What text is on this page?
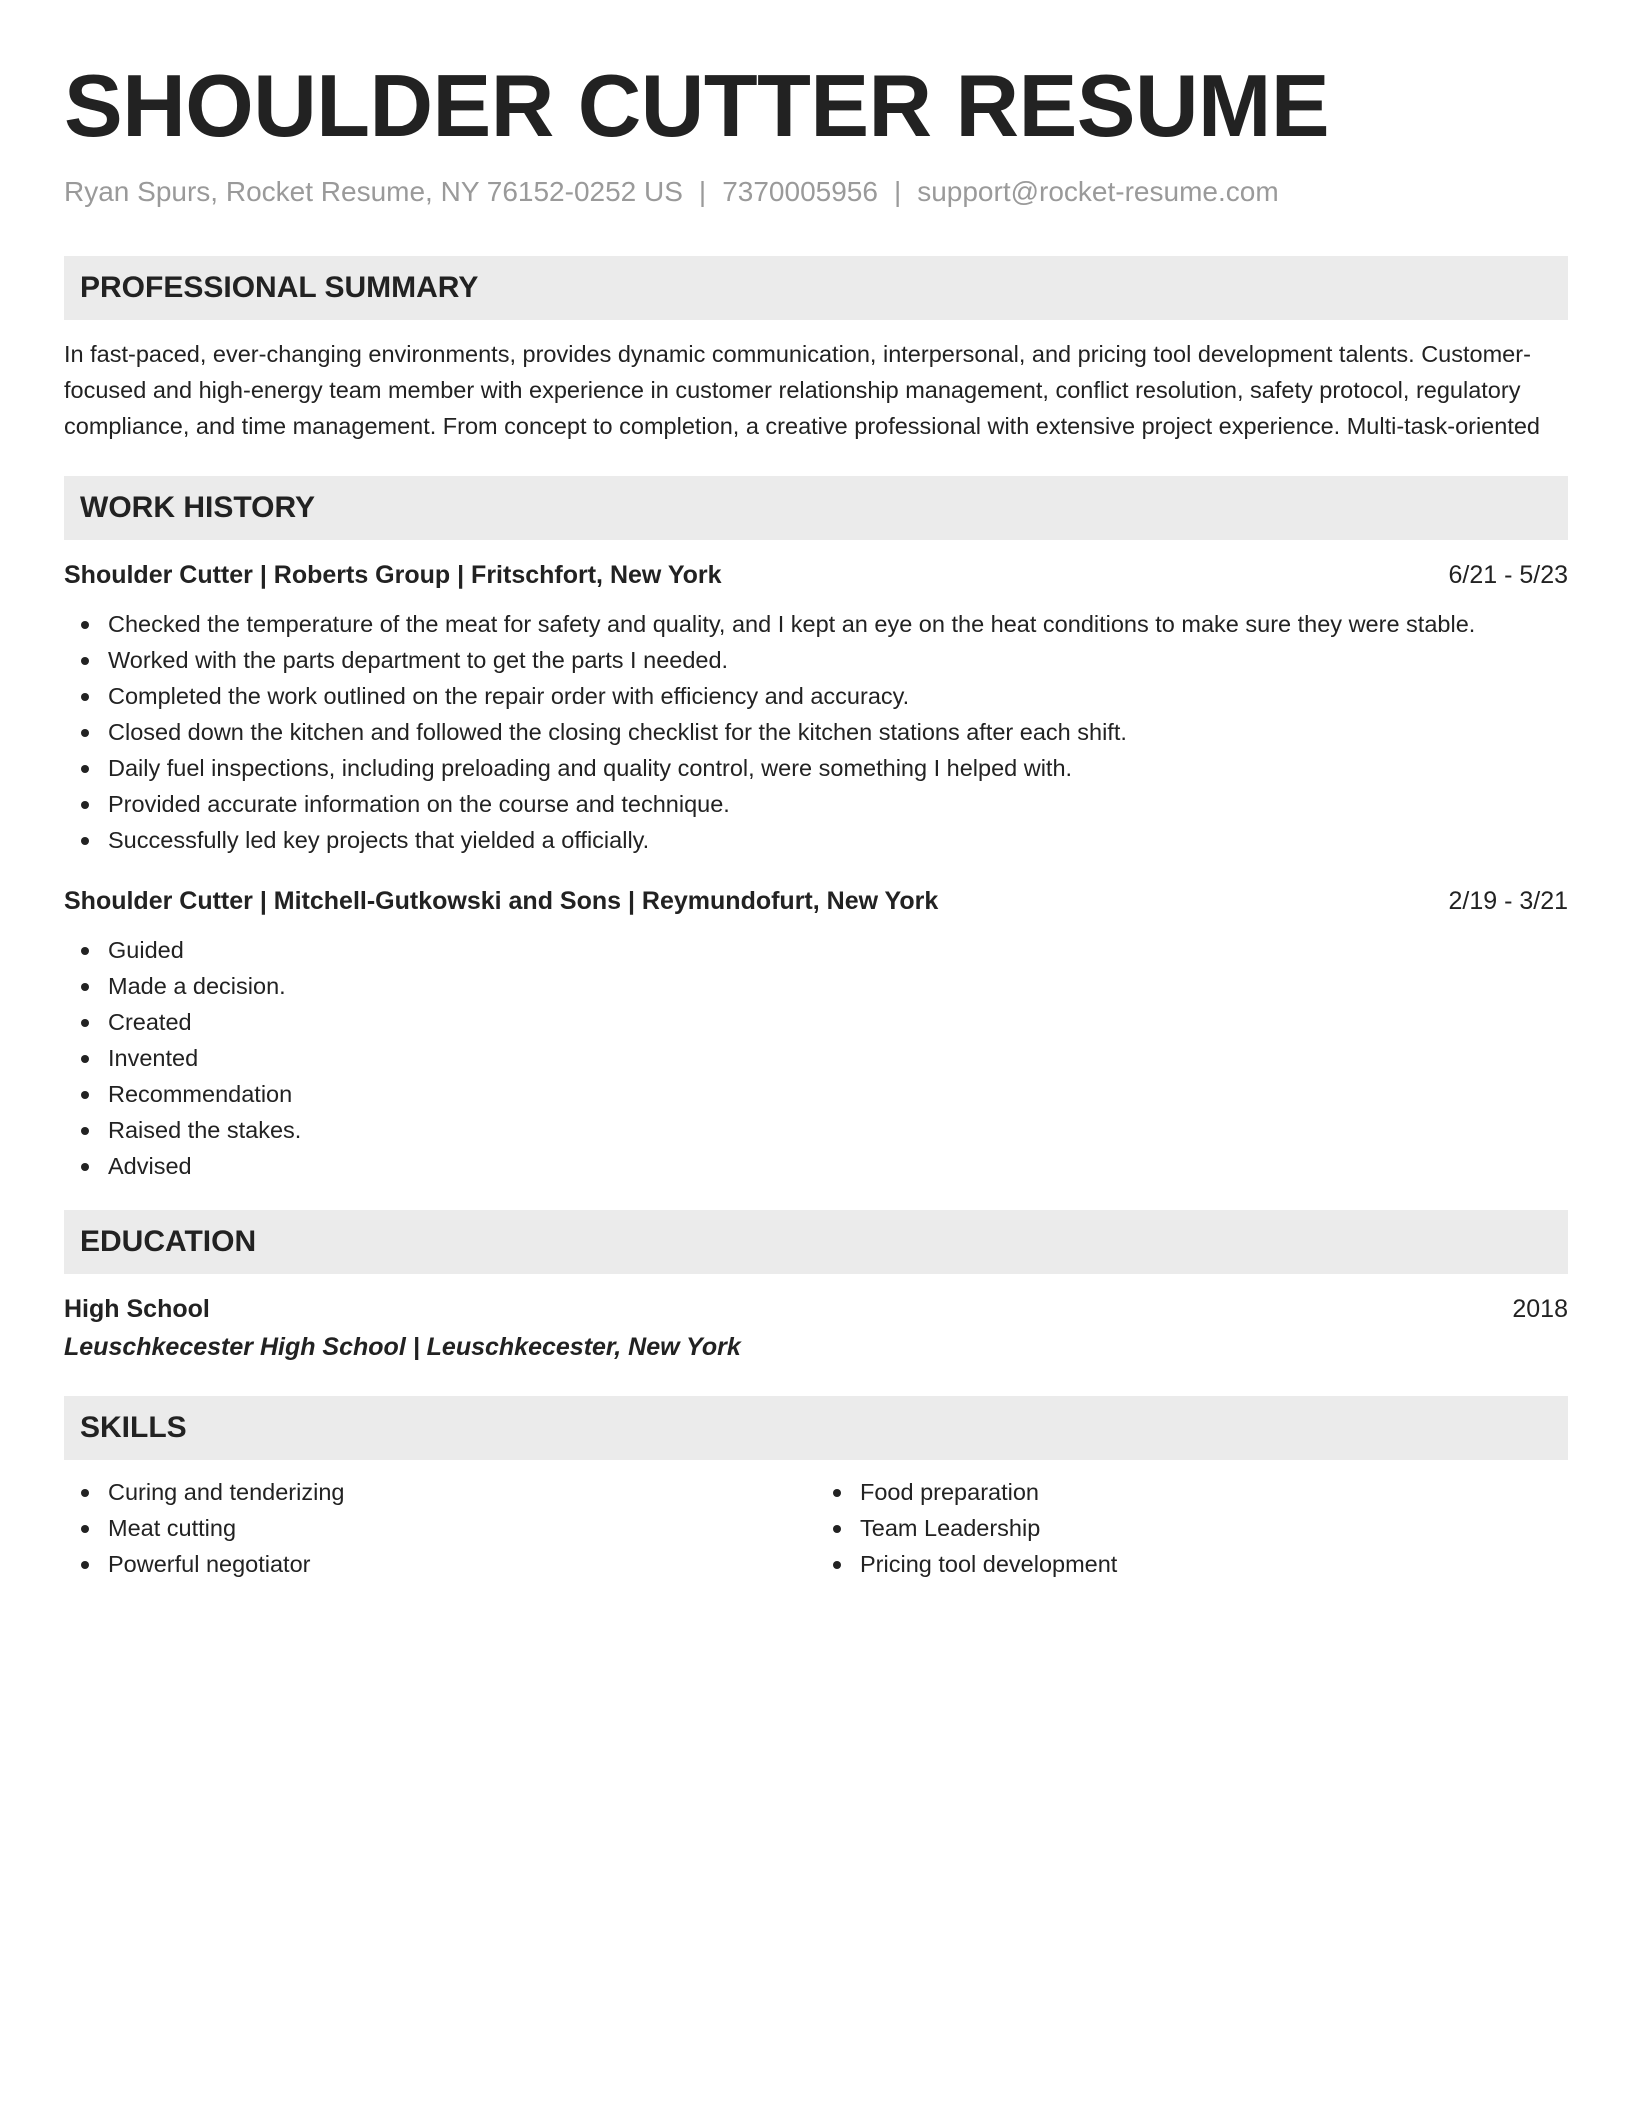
SHOULDER CUTTER RESUME
Ryan Spurs, Rocket Resume, NY 76152-0252 US | 7370005956 | support@rocket-resume.com
PROFESSIONAL SUMMARY

In fast-paced, ever-changing environments, provides dynamic communication, interpersonal, and pricing tool development talents. Customer-focused and high-energy team member with experience in customer relationship management, conflict resolution, safety protocol, regulatory compliance, and time management. From concept to completion, a creative professional with extensive project experience. Multi-task-oriented

WORK HISTORY
Shoulder Cutter | Roberts Group | Fritschfort, New York	6/21 - 5/23
Checked the temperature of the meat for safety and quality, and I kept an eye on the heat conditions to make sure they were stable.
Worked with the parts department to get the parts I needed.
Completed the work outlined on the repair order with efficiency and accuracy.
Closed down the kitchen and followed the closing checklist for the kitchen stations after each shift.
Daily fuel inspections, including preloading and quality control, were something I helped with.
Provided accurate information on the course and technique.
Successfully led key projects that yielded a officially.
Shoulder Cutter | Mitchell-Gutkowski and Sons | Reymundofurt, New York	2/19 - 3/21
Guided
Made a decision.
Created
Invented
Recommendation
Raised the stakes.
Advised
EDUCATION
High School	2018
Leuschkecester High School | Leuschkecester, New York
SKILLS
Curing and tenderizing
Meat cutting
Powerful negotiator
Food preparation
Team Leadership
Pricing tool development
